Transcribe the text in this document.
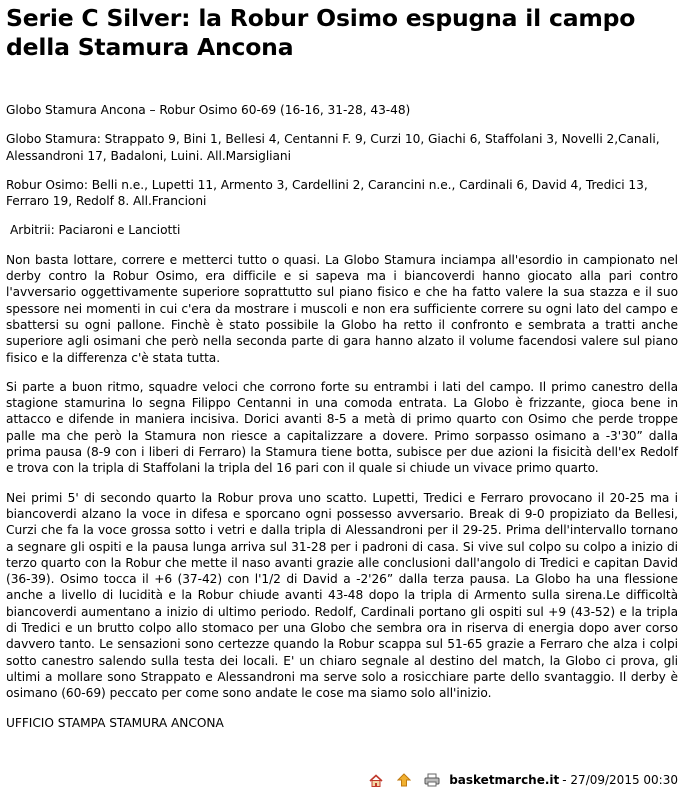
Serie C Silver: la Robur Osimo espugna il campo della Stamura Ancona

Globo Stamura Ancona – Robur Osimo 60-69 (16-16, 31-28, 43-48)

Globo Stamura: Strappato 9, Bini 1, Bellesi 4, Centanni F. 9, Curzi 10, Giachi 6, Staffolani 3, Novelli 2,Canali, Alessandroni 17, Badaloni, Luini. All.Marsigliani

Robur Osimo: Belli n.e., Lupetti 11, Armento 3, Cardellini 2, Carancini n.e., Cardinali 6, David 4, Tredici 13, Ferraro 19, Redolf 8. All.Francioni

Arbitrii: Paciaroni e Lanciotti

Non basta lottare, correre e metterci tutto o quasi. La Globo Stamura inciampa all'esordio in campionato nel derby contro la Robur Osimo, era difficile e si sapeva ma i biancoverdi hanno giocato alla pari contro l'avversario oggettivamente superiore soprattutto sul piano fisico e che ha fatto valere la sua stazza e il suo spessore nei momenti in cui c'era da mostrare i muscoli e non era sufficiente correre su ogni lato del campo e sbattersi su ogni pallone. Finchè è stato possibile la Globo ha retto il confronto e sembrata a tratti anche superiore agli osimani che però nella seconda parte di gara hanno alzato il volume facendosi valere sul piano fisico e la differenza c'è stata tutta.

Si parte a buon ritmo, squadre veloci che corrono forte su entrambi i lati del campo. Il primo canestro della stagione stamurina lo segna Filippo Centanni in una comoda entrata. La Globo è frizzante, gioca bene in attacco e difende in maniera incisiva. Dorici avanti 8-5 a metà di primo quarto con Osimo che perde troppe palle ma che però la Stamura non riesce a capitalizzare a dovere. Primo sorpasso osimano a -3'30” dalla prima pausa (8-9 con i liberi di Ferraro) la Stamura tiene botta, subisce per due azioni la fisicità dell'ex Redolf e trova con la tripla di Staffolani la tripla del 16 pari con il quale si chiude un vivace primo quarto.

Nei primi 5' di secondo quarto la Robur prova uno scatto. Lupetti, Tredici e Ferraro provocano il 20-25 ma i biancoverdi alzano la voce in difesa e sporcano ogni possesso avversario. Break di 9-0 propiziato da Bellesi, Curzi che fa la voce grossa sotto i vetri e dalla tripla di Alessandroni per il 29-25. Prima dell'intervallo tornano a segnare gli ospiti e la pausa lunga arriva sul 31-28 per i padroni di casa. Si vive sul colpo su colpo a inizio di terzo quarto con la Robur che mette il naso avanti grazie alle conclusioni dall'angolo di Tredici e capitan David (36-39). Osimo tocca il +6 (37-42) con l'1/2 di David a -2'26” dalla terza pausa. La Globo ha una flessione anche a livello di lucidità e la Robur chiude avanti 43-48 dopo la tripla di Armento sulla sirena.Le difficoltà biancoverdi aumentano a inizio di ultimo periodo. Redolf, Cardinali portano gli ospiti sul +9 (43-52) e la tripla di Tredici e un brutto colpo allo stomaco per una Globo che sembra ora in riserva di energia dopo aver corso davvero tanto. Le sensazioni sono certezze quando la Robur scappa sul 51-65 grazie a Ferraro che alza i colpi sotto canestro salendo sulla testa dei locali. E' un chiaro segnale al destino del match, la Globo ci prova, gli ultimi a mollare sono Strappato e Alessandroni ma serve solo a rosicchiare parte dello svantaggio. Il derby è osimano (60-69) peccato per come sono andate le cose ma siamo solo all'inizio.

UFFICIO STAMPA STAMURA ANCONA

basketmarche.it - 27/09/2015 00:30
